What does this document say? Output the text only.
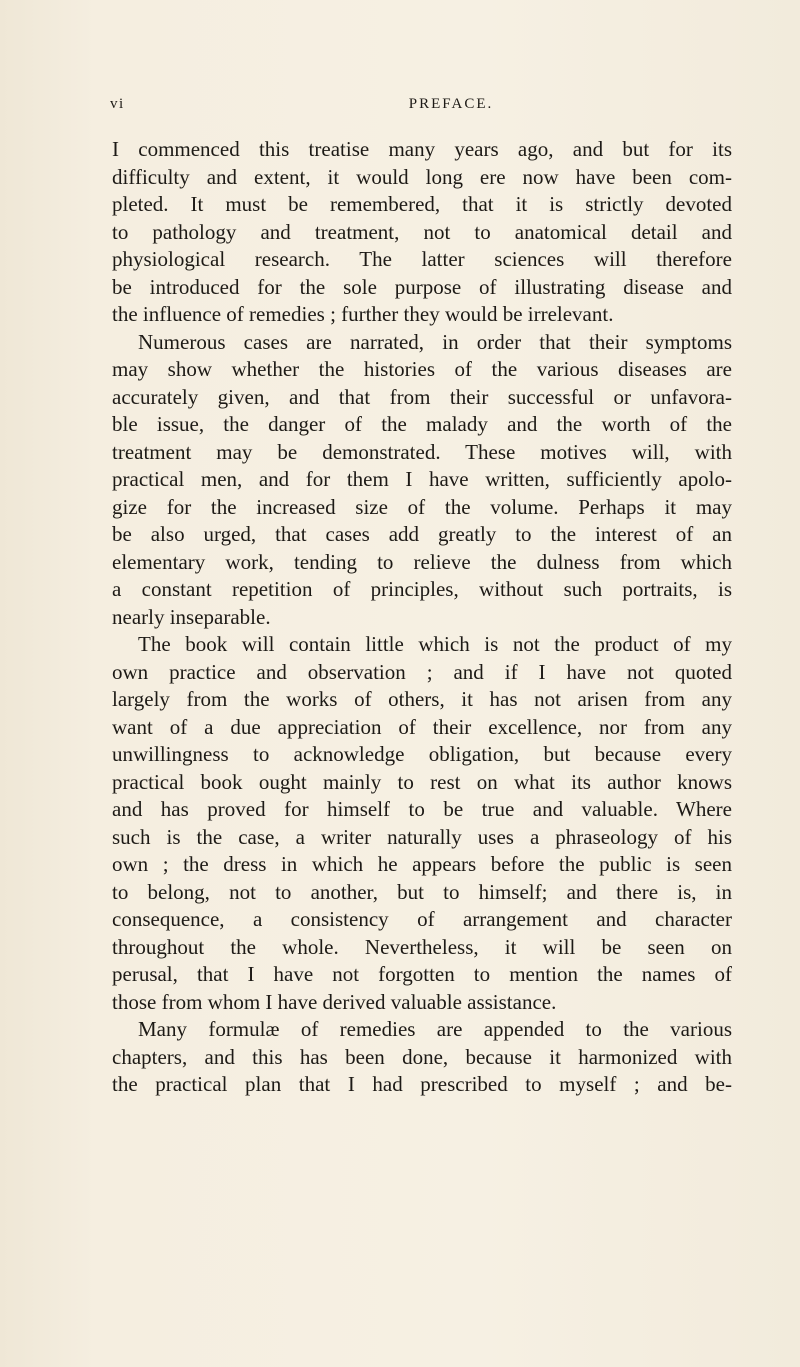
vi	PREFACE.
I commenced this treatise many years ago, and but for its
difficulty and extent, it would long ere now have been com-
pleted. It must be remembered, that it is strictly devoted
to pathology and treatment, not to anatomical detail and
physiological research. The latter sciences will therefore
be introduced for the sole purpose of illustrating disease and
the influence of remedies ; further they would be irrelevant.
Numerous cases are narrated, in order that their symptoms
may show whether the histories of the various diseases are
accurately given, and that from their successful or unfavora-
ble issue, the danger of the malady and the worth of the
treatment may be demonstrated. These motives will, with
practical men, and for them I have written, sufficiently apolo-
gize for the increased size of the volume. Perhaps it may
be also urged, that cases add greatly to the interest of an
elementary work, tending to relieve the dulness from which
a constant repetition of principles, without such portraits, is
nearly inseparable.
The book will contain little which is not the product of my
own practice and observation ; and if I have not quoted
largely from the works of others, it has not arisen from any
want of a due appreciation of their excellence, nor from any
unwillingness to acknowledge obligation, but because every
practical book ought mainly to rest on what its author knows
and has proved for himself to be true and valuable. Where
such is the case, a writer naturally uses a phraseology of his
own ; the dress in which he appears before the public is seen
to belong, not to another, but to himself; and there is, in
consequence, a consistency of arrangement and character
throughout the whole. Nevertheless, it will be seen on
perusal, that I have not forgotten to mention the names of
those from whom I have derived valuable assistance.
Many formulæ of remedies are appended to the various
chapters, and this has been done, because it harmonized with
the practical plan that I had prescribed to myself ; and be-
